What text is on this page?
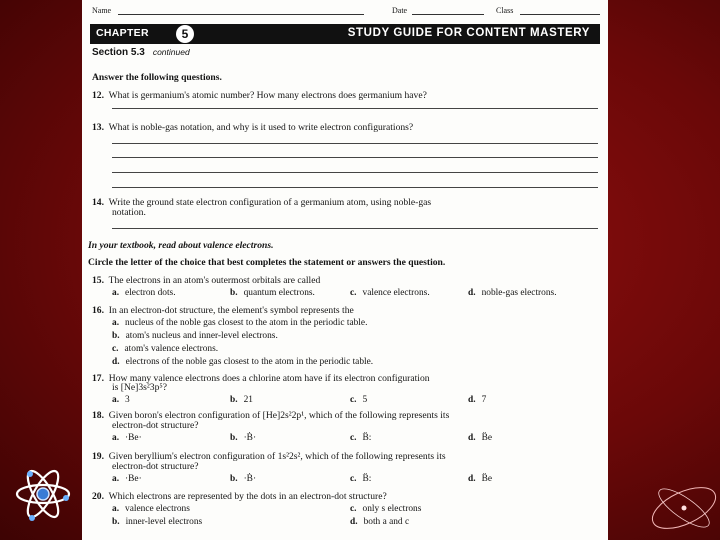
Name	Date	Class
CHAPTER	5	STUDY GUIDE FOR CONTENT MASTERY
Section 5.3 continued
Answer the following questions.
12. What is germanium's atomic number? How many electrons does germanium have?
13. What is noble-gas notation, and why is it used to write electron configurations?
14. Write the ground state electron configuration of a germanium atom, using noble-gas
notation.
In your textbook, read about valence electrons.
Circle the letter of the choice that best completes the statement or answers the question.
15. The electrons in an atom's outermost orbitals are called
a. electron dots.	b. quantum electrons.	c. valence electrons.	d. noble-gas electrons.
16. In an electron-dot structure, the element's symbol represents the
a. nucleus of the noble gas closest to the atom in the periodic table.
b. atom's nucleus and inner-level electrons.
c. atom's valence electrons.
d. electrons of the noble gas closest to the atom in the periodic table.
17. How many valence electrons does a chlorine atom have if its electron configuration
is [Ne]3s²3p⁵?
a. 3	b. 21	c. 5	d. 7
18. Given boron's electron configuration of [He]2s²2p¹, which of the following represents its
electron-dot structure?
a. ·Be·	b. ·Ḃ·	c. B̈:	d. B̈e
19. Given beryllium's electron configuration of 1s²2s², which of the following represents its
electron-dot structure?
a. ·Be·	b. ·Ḃ·	c. B̈:	d. B̈e
20. Which electrons are represented by the dots in an electron-dot structure?
a. valence electrons	c. only s electrons
b. inner-level electrons	d. both a and c
